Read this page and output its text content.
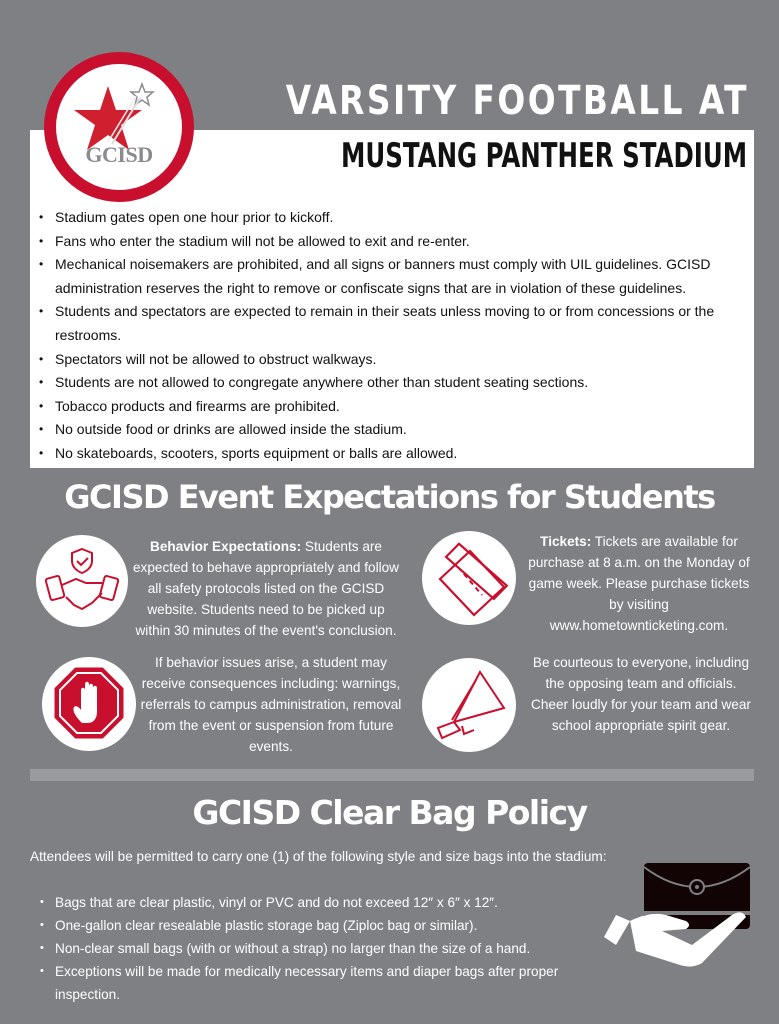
GCISD
VARSITY FOOTBALL AT
MUSTANG PANTHER STADIUM
• Stadium gates open one hour prior to kickoff.
• Fans who enter the stadium will not be allowed to exit and re-enter.
• Mechanical noisemakers are prohibited, and all signs or banners must comply with UIL guidelines. GCISD administration reserves the right to remove or confiscate signs that are in violation of these guidelines.
• Students and spectators are expected to remain in their seats unless moving to or from concessions or the restrooms.
• Spectators will not be allowed to obstruct walkways.
• Students are not allowed to congregate anywhere other than student seating sections.
• Tobacco products and firearms are prohibited.
• No outside food or drinks are allowed inside the stadium.
• No skateboards, scooters, sports equipment or balls are allowed.
GCISD Event Expectations for Students
Behavior Expectations: Students are expected to behave appropriately and follow all safety protocols listed on the GCISD website. Students need to be picked up within 30 minutes of the event's conclusion.
Tickets: Tickets are available for purchase at 8 a.m. on the Monday of game week. Please purchase tickets by visiting www.hometownticketing.com.
If behavior issues arise, a student may receive consequences including: warnings, referrals to campus administration, removal from the event or suspension from future events.
Be courteous to everyone, including the opposing team and officials. Cheer loudly for your team and wear school appropriate spirit gear.
GCISD Clear Bag Policy
Attendees will be permitted to carry one (1) of the following style and size bags into the stadium:
• Bags that are clear plastic, vinyl or PVC and do not exceed 12″ x 6″ x 12″.
• One-gallon clear resealable plastic storage bag (Ziploc bag or similar).
• Non-clear small bags (with or without a strap) no larger than the size of a hand.
• Exceptions will be made for medically necessary items and diaper bags after proper inspection.
